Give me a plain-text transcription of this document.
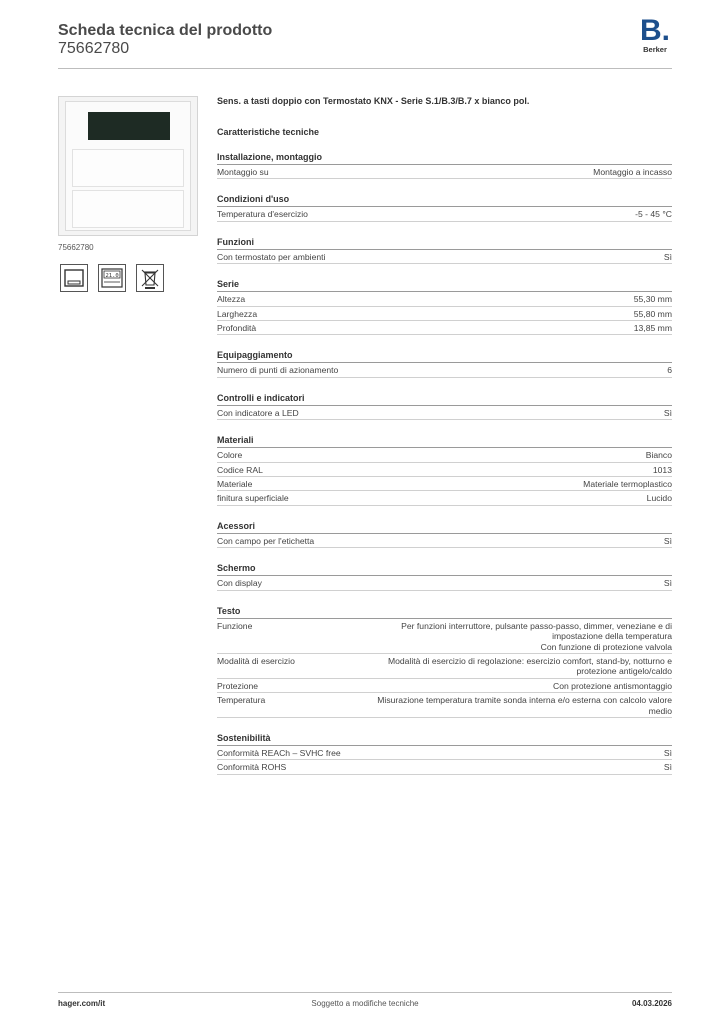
Scheda tecnica del prodotto
75662780
B.
Berker
75662780
21.0
Sens. a tasti doppio con Termostato KNX - Serie S.1/B.3/B.7 x bianco pol.
Caratteristiche tecniche
Installazione, montaggio
Montaggio su	Montaggio a incasso
Condizioni d'uso
Temperatura d'esercizio	-5 - 45 °C
Funzioni
Con termostato per ambienti	Sì
Serie
Altezza	55,30 mm
Larghezza	55,80 mm
Profondità	13,85 mm
Equipaggiamento
Numero di punti di azionamento	6
Controlli e indicatori
Con indicatore a LED	Sì
Materiali
Colore	Bianco
Codice RAL	1013
Materiale	Materiale termoplastico
finitura superficiale	Lucido
Acessori
Con campo per l'etichetta	Sì
Schermo
Con display	Sì
Testo
Funzione	Per funzioni interruttore, pulsante passo-passo, dimmer, veneziane e di impostazione della temperatura
Con funzione di protezione valvola
Modalità di esercizio	Modalità di esercizio di regolazione: esercizio comfort, stand-by, notturno e protezione antigelo/caldo
Protezione	Con protezione antismontaggio
Temperatura	Misurazione temperatura tramite sonda interna e/o esterna con calcolo valore medio
Sostenibilità
Conformità REACh – SVHC free	Sì
Conformità ROHS	Sì
hager.com/it	Soggetto a modifiche tecniche	04.03.2026
